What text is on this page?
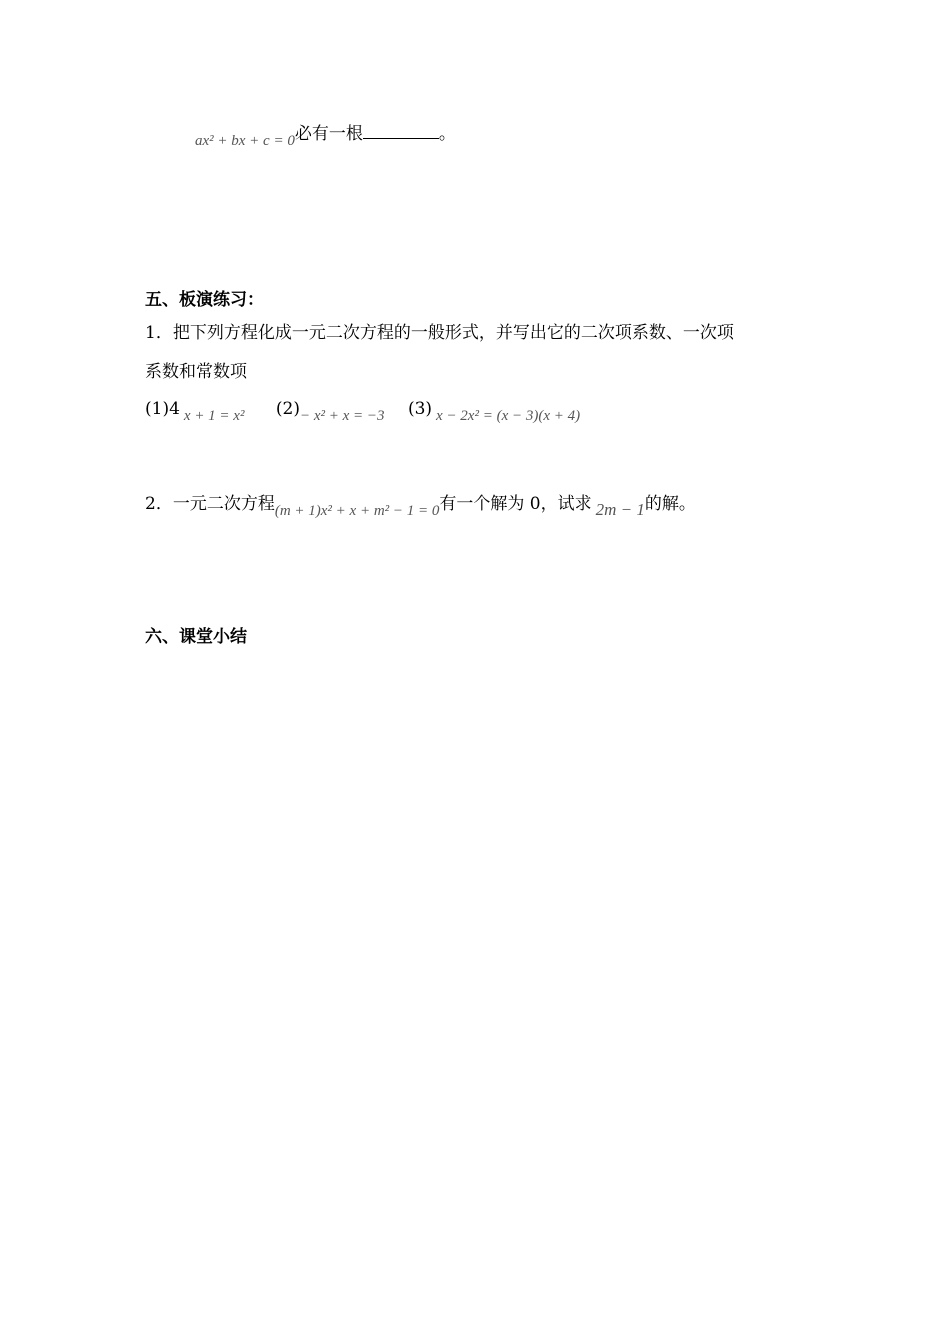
ax² + bx + c = 0必有一根	。
五、板演练习：
1．把下列方程化成一元二次方程的一般形式，并写出它的二次项系数、一次项
系数和常数项
(1)4 x + 1 = x² (2)− x² + x = −3 (3) x − 2x² = (x − 3)(x + 4)
2．一元二次方程(m + 1)x² + x + m² − 1 = 0有一个解为 0，试求 2m − 1的解。
六、课堂小结
